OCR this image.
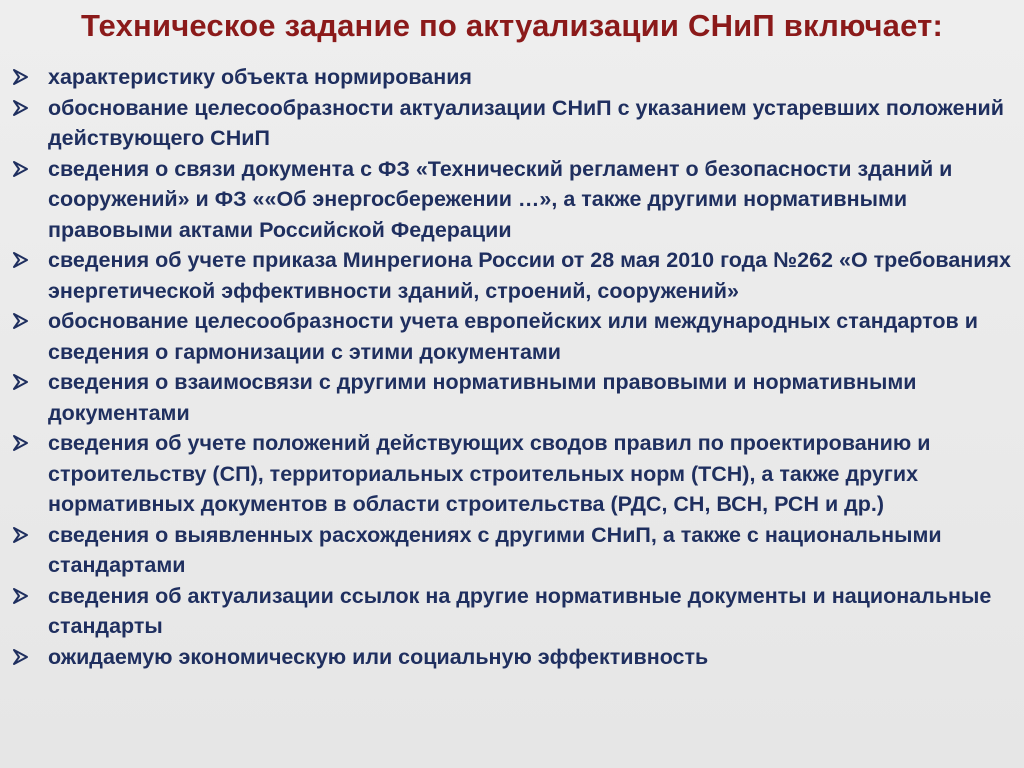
Техническое задание по актуализации СНиП включает:
характеристику объекта нормирования
обоснование целесообразности актуализации СНиП с указанием устаревших положений действующего СНиП
сведения о связи документа с ФЗ «Технический регламент о безопасности зданий и сооружений» и ФЗ ««Об энергосбережении …», а также другими нормативными правовыми актами Российской Федерации
сведения об учете приказа Минрегиона России от 28 мая 2010 года №262 «О требованиях энергетической эффективности зданий, строений, сооружений»
обоснование целесообразности учета европейских или международных стандартов и сведения о гармонизации с этими документами
сведения о взаимосвязи с другими нормативными правовыми и нормативными документами
сведения об учете положений действующих сводов правил по проектированию и строительству (СП), территориальных строительных норм (ТСН), а также других нормативных документов в области строительства (РДС, СН, ВСН, РСН и др.)
сведения о выявленных расхождениях с другими СНиП, а также с национальными стандартами
сведения об актуализации ссылок на другие нормативные документы и национальные стандарты
ожидаемую экономическую или социальную эффективность
